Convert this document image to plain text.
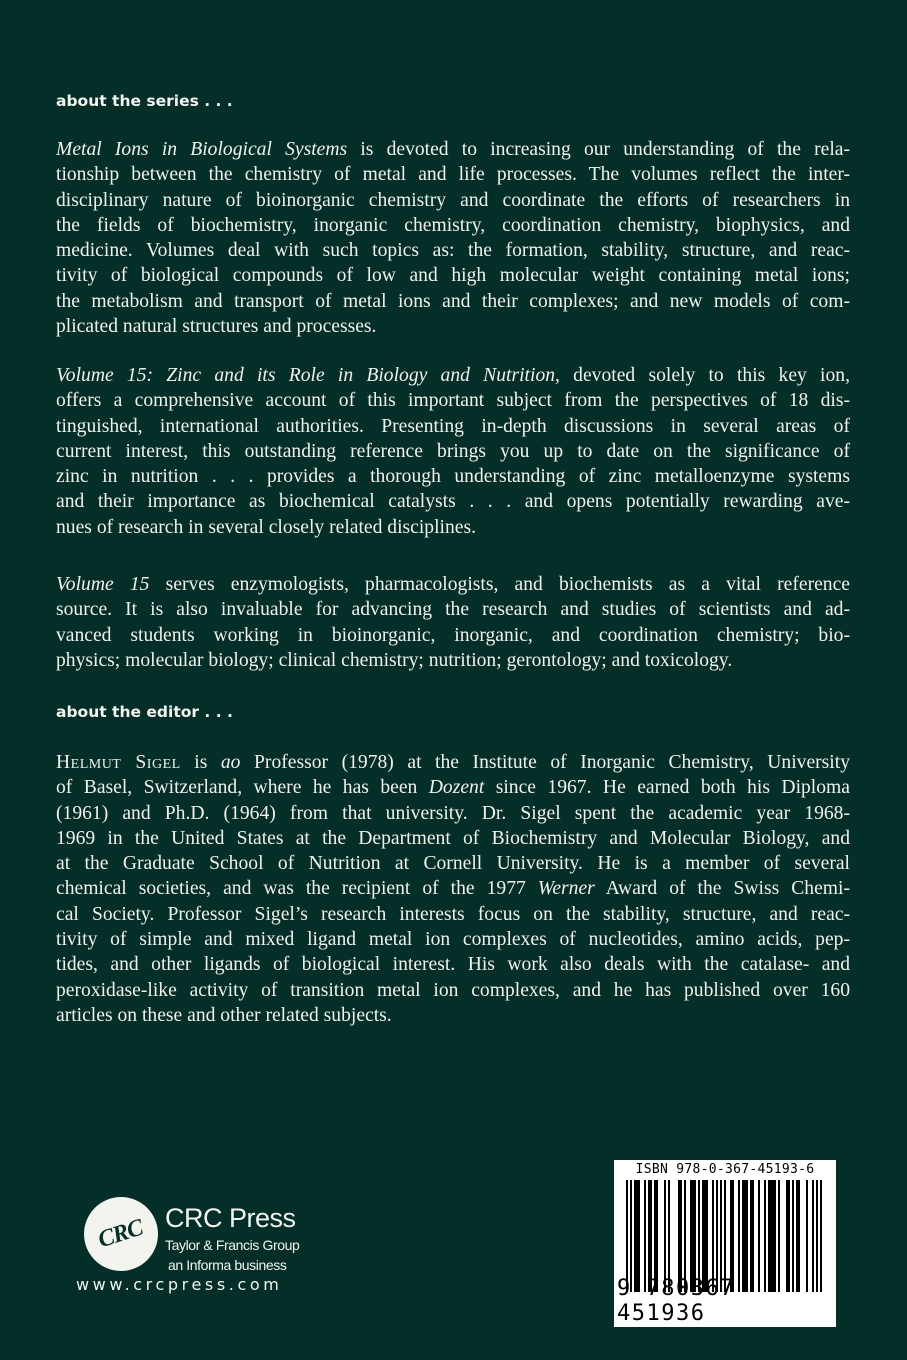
about the series . . .
Metal Ions in Biological Systems is devoted to increasing our understanding of the rela-
tionship between the chemistry of metal and life processes. The volumes reflect the inter-
disciplinary nature of bioinorganic chemistry and coordinate the efforts of researchers in
the fields of biochemistry, inorganic chemistry, coordination chemistry, biophysics, and
medicine. Volumes deal with such topics as: the formation, stability, structure, and reac-
tivity of biological compounds of low and high molecular weight containing metal ions;
the metabolism and transport of metal ions and their complexes; and new models of com-
plicated natural structures and processes.
Volume 15: Zinc and its Role in Biology and Nutrition, devoted solely to this key ion,
offers a comprehensive account of this important subject from the perspectives of 18 dis-
tinguished, international authorities. Presenting in-depth discussions in several areas of
current interest, this outstanding reference brings you up to date on the significance of
zinc in nutrition . . . provides a thorough understanding of zinc metalloenzyme systems
and their importance as biochemical catalysts . . . and opens potentially rewarding ave-
nues of research in several closely related disciplines.
Volume 15 serves enzymologists, pharmacologists, and biochemists as a vital reference
source. It is also invaluable for advancing the research and studies of scientists and ad-
vanced students working in bioinorganic, inorganic, and coordination chemistry; bio-
physics; molecular biology; clinical chemistry; nutrition; gerontology; and toxicology.
about the editor . . .
Helmut Sigel is ao Professor (1978) at the Institute of Inorganic Chemistry, University
of Basel, Switzerland, where he has been Dozent since 1967. He earned both his Diploma
(1961) and Ph.D. (1964) from that university. Dr. Sigel spent the academic year 1968-
1969 in the United States at the Department of Biochemistry and Molecular Biology, and
at the Graduate School of Nutrition at Cornell University. He is a member of several
chemical societies, and was the recipient of the 1977 Werner Award of the Swiss Chemi-
cal Society. Professor Sigel’s research interests focus on the stability, structure, and reac-
tivity of simple and mixed ligand metal ion complexes of nucleotides, amino acids, pep-
tides, and other ligands of biological interest. His work also deals with the catalase- and
peroxidase-like activity of transition metal ion complexes, and he has published over 160
articles on these and other related subjects.
CRC CRC Press
Taylor & Francis Group
an Informa business
www.crcpress.com
ISBN 978-0-367-45193-6
9 780367 451936
